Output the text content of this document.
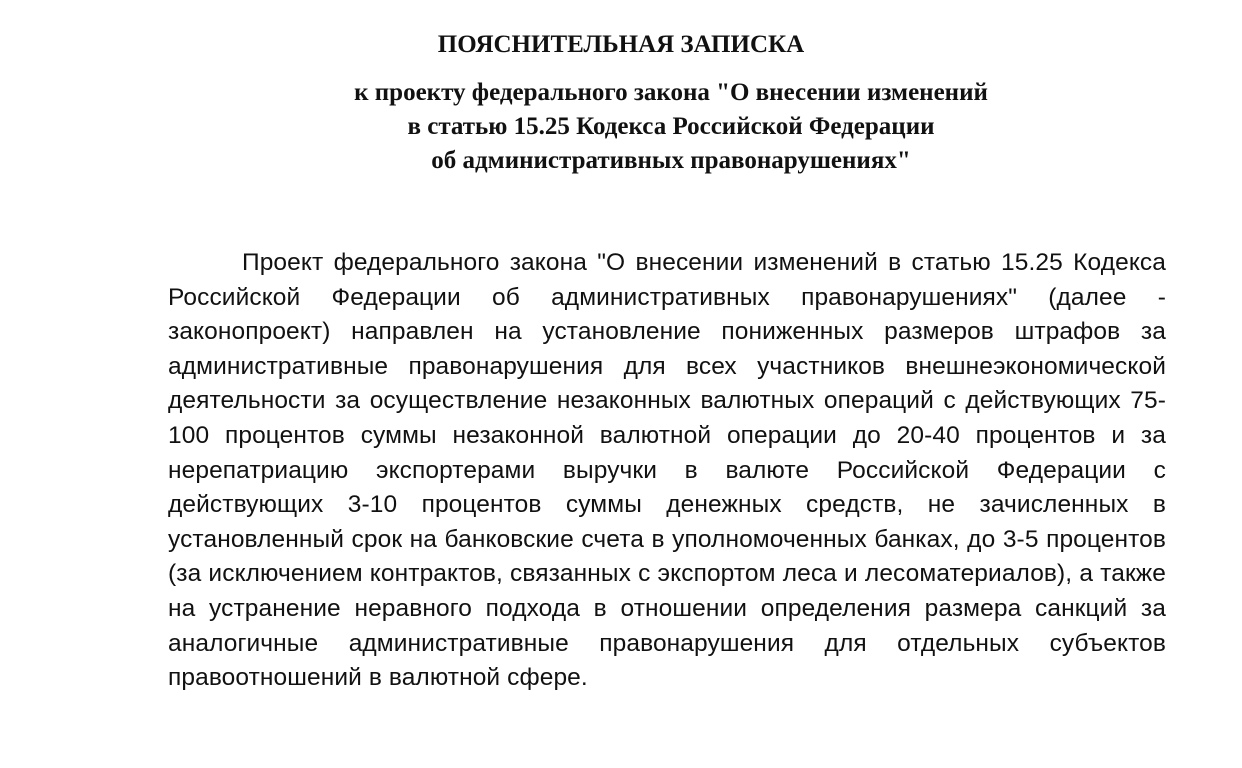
ПОЯСНИТЕЛЬНАЯ ЗАПИСКА
к проекту федерального закона "О внесении изменений
в статью 15.25 Кодекса Российской Федерации
об административных правонарушениях"

Проект федерального закона "О внесении изменений в статью 15.25 Кодекса Российской Федерации об административных правонарушениях" (далее - законопроект) направлен на установление пониженных размеров штрафов за административные правонарушения для всех участников внешнеэкономической деятельности за осуществление незаконных валютных операций с действующих 75-100 процентов суммы незаконной валютной операции до 20-40 процентов и за нерепатриацию экспортерами выручки в валюте Российской Федерации с действующих 3-10 процентов суммы денежных средств, не зачисленных в установленный срок на банковские счета в уполномоченных банках, до 3-5 процентов (за исключением контрактов, связанных с экспортом леса и лесоматериалов), а также на устранение неравного подхода в отношении определения размера санкций за аналогичные административные правонарушения для отдельных субъектов правоотношений в валютной сфере.
